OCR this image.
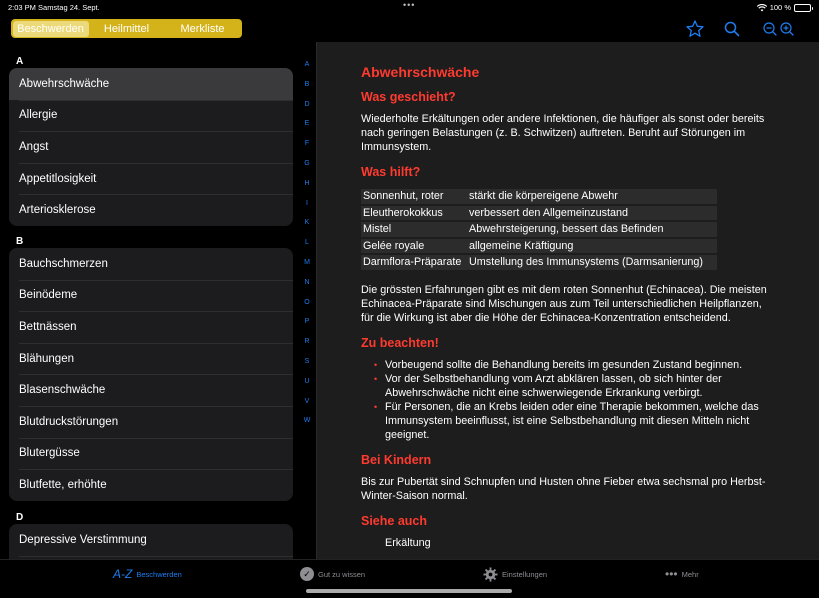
2:03 PM Samstag 24. Sept.	•••	100 %
Beschwerden	Heilmittel	Merkliste
A
Abwehrschwäche
Allergie
Angst
Appetitlosigkeit
Arteriosklerose
B
Bauchschmerzen
Beinödeme
Bettnässen
Blähungen
Blasenschwäche
Blutdruckstörungen
Blutergüsse
Blutfette, erhöhte
D
Depressive Verstimmung
A
B
D
E
F
G
H
I
K
L
M
N
O
P
R
S
U
V
W
Abwehrschwäche
Was geschieht?
Wiederholte Erkältungen oder andere Infektionen, die häufiger als sonst oder bereits nach geringen Belastungen (z. B. Schwitzen) auftreten. Beruht auf Störungen im Immunsystem.
Was hilft?
Sonnenhut, roter	stärkt die körpereigene Abwehr
Eleutherokokkus	verbessert den Allgemeinzustand
Mistel	Abwehrsteigerung, bessert das Befinden
Gelée royale	allgemeine Kräftigung
Darmflora-Präparate	Umstellung des Immunsystems (Darmsanierung)
Die grössten Erfahrungen gibt es mit dem roten Sonnenhut (Echinacea). Die meisten Echinacea-Präparate sind Mischungen aus zum Teil unterschiedlichen Heilpflanzen, für die Wirkung ist aber die Höhe der Echinacea-Konzentration entscheidend.
Zu beachten!
• Vorbeugend sollte die Behandlung bereits im gesunden Zustand beginnen.
• Vor der Selbstbehandlung vom Arzt abklären lassen, ob sich hinter der Abwehrschwäche nicht eine schwerwiegende Erkrankung verbirgt.
• Für Personen, die an Krebs leiden oder eine Therapie bekommen, welche das Immunsystem beeinflusst, ist eine Selbstbehandlung mit diesen Mitteln nicht geeignet.
Bei Kindern
Bis zur Pubertät sind Schnupfen und Husten ohne Fieber etwa sechsmal pro Herbst-Winter-Saison normal.
Siehe auch
Erkältung
A-Z Beschwerden	✓ Gut zu wissen	Einstellungen	••• Mehr
